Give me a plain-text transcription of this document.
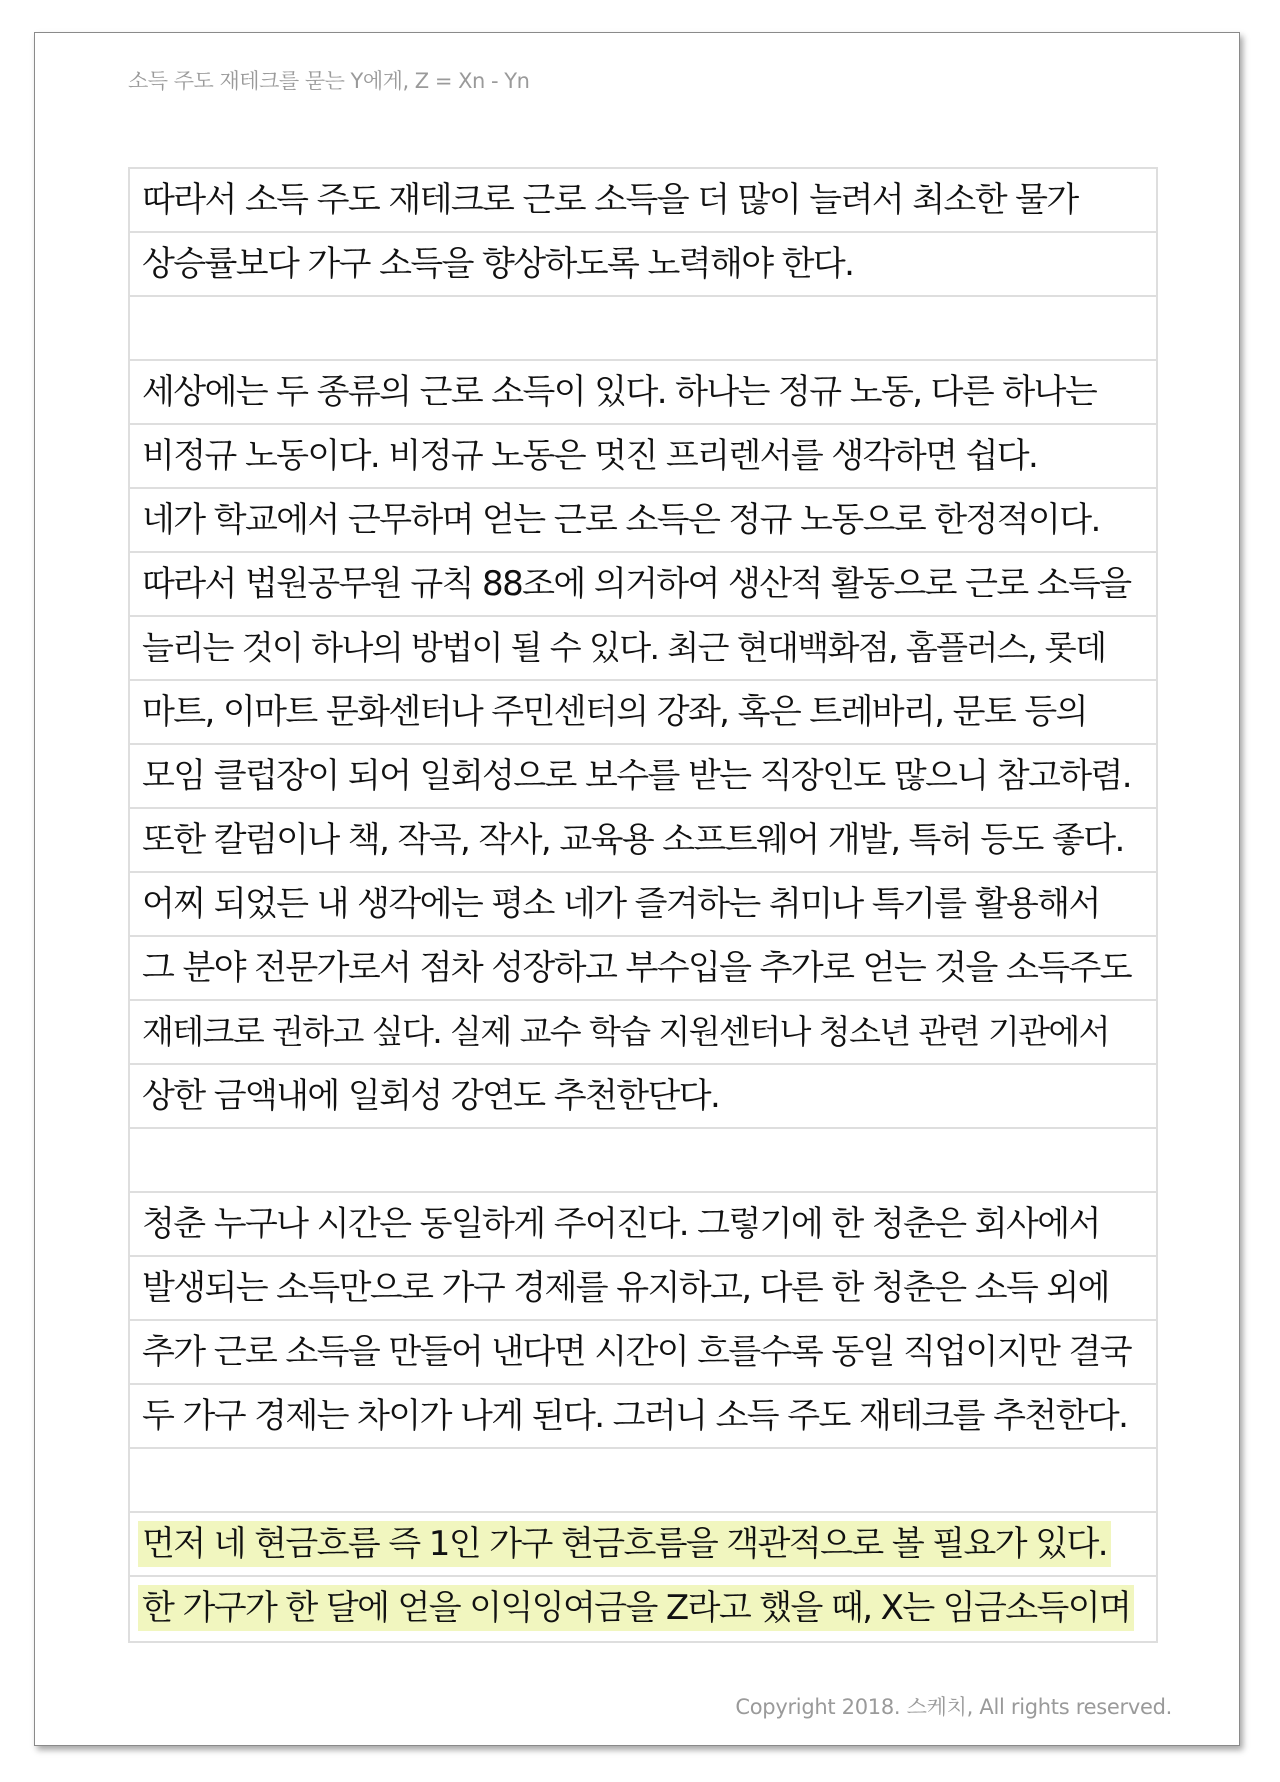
소득 주도 재테크를 묻는 Y에게, Z = Xn - Yn
따라서 소득 주도 재테크로 근로 소득을 더 많이 늘려서 최소한 물가
상승률보다 가구 소득을 향상하도록 노력해야 한다.
세상에는 두 종류의 근로 소득이 있다. 하나는 정규 노동, 다른 하나는
비정규 노동이다. 비정규 노동은 멋진 프리렌서를 생각하면 쉽다.
네가 학교에서 근무하며 얻는 근로 소득은 정규 노동으로 한정적이다.
따라서 법원공무원 규칙 88조에 의거하여 생산적 활동으로 근로 소득을
늘리는 것이 하나의 방법이 될 수 있다. 최근 현대백화점, 홈플러스, 롯데
마트, 이마트 문화센터나 주민센터의 강좌, 혹은 트레바리, 문토 등의
모임 클럽장이 되어 일회성으로 보수를 받는 직장인도 많으니 참고하렴.
또한 칼럼이나 책, 작곡, 작사, 교육용 소프트웨어 개발, 특허 등도 좋다.
어찌 되었든 내 생각에는 평소 네가 즐겨하는 취미나 특기를 활용해서
그 분야 전문가로서 점차 성장하고 부수입을 추가로 얻는 것을 소득주도
재테크로 권하고 싶다. 실제 교수 학습 지원센터나 청소년 관련 기관에서
상한 금액내에 일회성 강연도 추천한단다.
청춘 누구나 시간은 동일하게 주어진다. 그렇기에 한 청춘은 회사에서
발생되는 소득만으로 가구 경제를 유지하고, 다른 한 청춘은 소득 외에
추가 근로 소득을 만들어 낸다면 시간이 흐를수록 동일 직업이지만 결국
두 가구 경제는 차이가 나게 된다. 그러니 소득 주도 재테크를 추천한다.
먼저 네 현금흐름 즉 1인 가구 현금흐름을 객관적으로 볼 필요가 있다.
한 가구가 한 달에 얻을 이익잉여금을 Z라고 했을 때, X는 임금소득이며
Copyright 2018. 스케치, All rights reserved.
